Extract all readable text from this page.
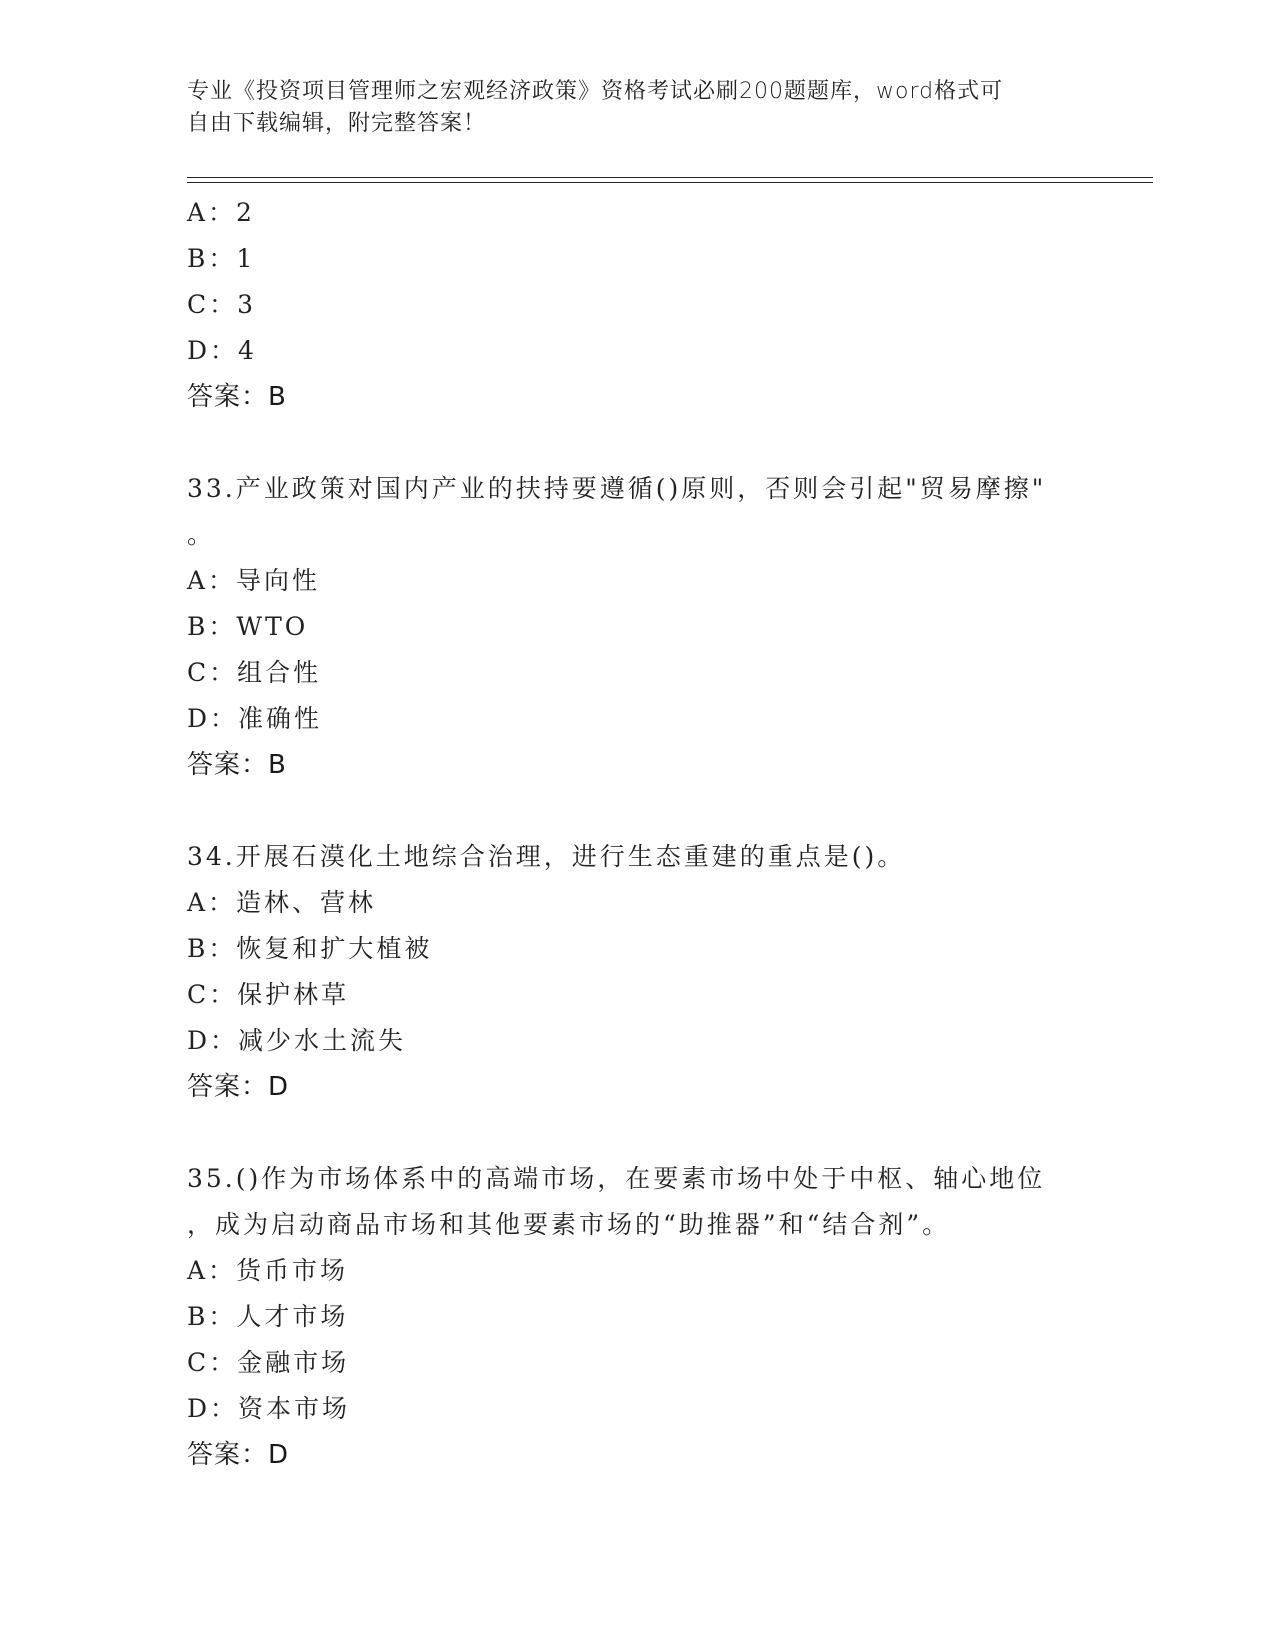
专业《投资项目管理师之宏观经济政策》资格考试必刷200题题库，word格式可
自由下载编辑，附完整答案！
A：2
B：1
C：3
D：4
答案：B
33.产业政策对国内产业的扶持要遵循()原则，否则会引起"贸易摩擦"
。
A：导向性
B：WTO
C：组合性
D：准确性
答案：B
34.开展石漠化土地综合治理，进行生态重建的重点是()。
A：造林、营林
B：恢复和扩大植被
C：保护林草
D：减少水土流失
答案：D
35.()作为市场体系中的高端市场，在要素市场中处于中枢、轴心地位
，成为启动商品市场和其他要素市场的“助推器”和“结合剂”。
A：货币市场
B：人才市场
C：金融市场
D：资本市场
答案：D
